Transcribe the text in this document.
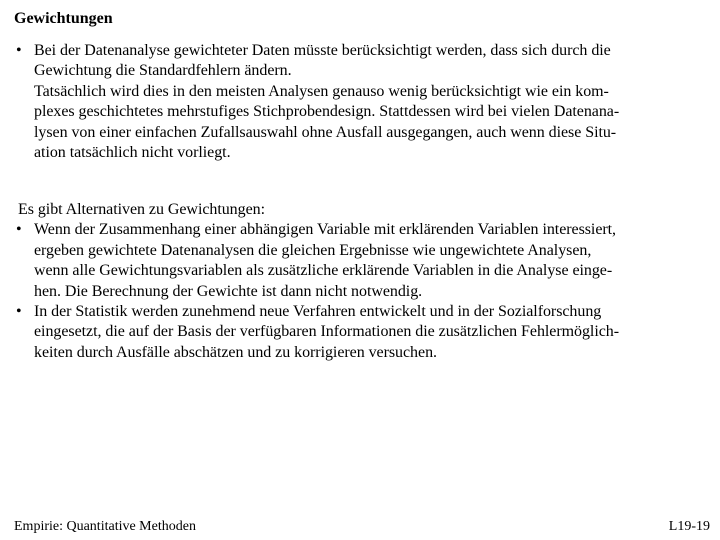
Gewichtungen
• Bei der Datenanalyse gewichteter Daten müsste berücksichtigt werden, dass sich durch die
Gewichtung die Standardfehlern ändern.
Tatsächlich wird dies in den meisten Analysen genauso wenig berücksichtigt wie ein kom-
plexes geschichtetes mehrstufiges Stichprobendesign. Stattdessen wird bei vielen Datenana-
lysen von einer einfachen Zufallsauswahl ohne Ausfall ausgegangen, auch wenn diese Situ-
ation tatsächlich nicht vorliegt.
Es gibt Alternativen zu Gewichtungen:
• Wenn der Zusammenhang einer abhängigen Variable mit erklärenden Variablen interessiert,
ergeben gewichtete Datenanalysen die gleichen Ergebnisse wie ungewichtete Analysen,
wenn alle Gewichtungsvariablen als zusätzliche erklärende Variablen in die Analyse einge-
hen. Die Berechnung der Gewichte ist dann nicht notwendig.
• In der Statistik werden zunehmend neue Verfahren entwickelt und in der Sozialforschung
eingesetzt, die auf der Basis der verfügbaren Informationen die zusätzlichen Fehlermöglich-
keiten durch Ausfälle abschätzen und zu korrigieren versuchen.
Empirie: Quantitative Methoden	L19-19
